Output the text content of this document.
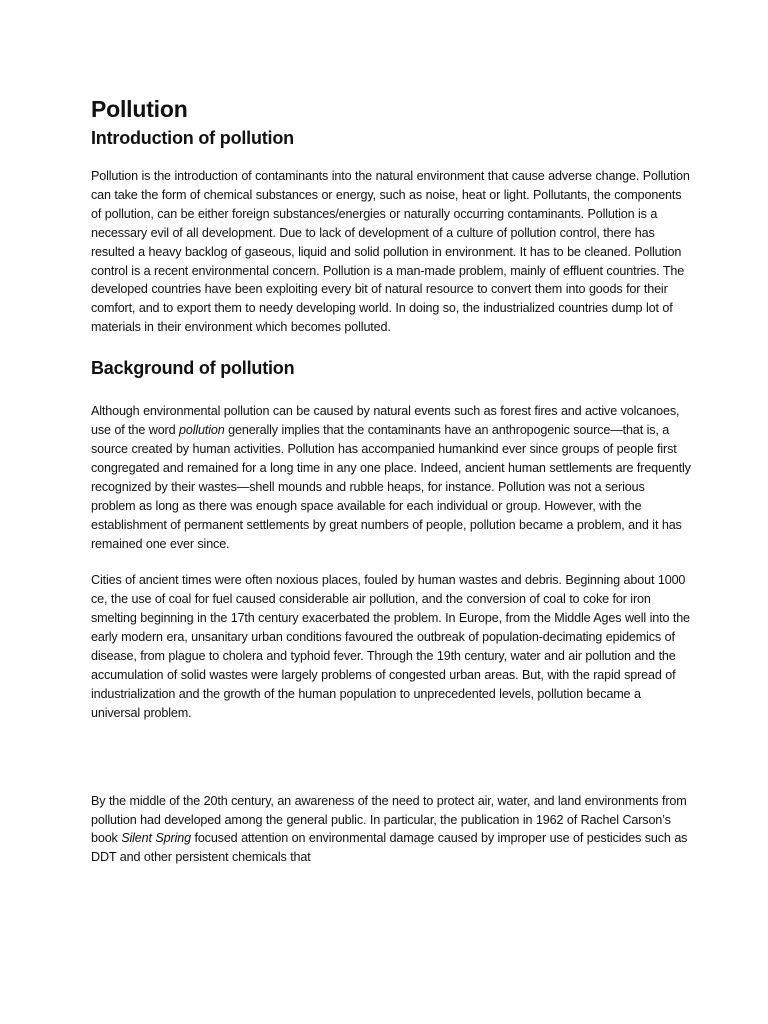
Pollution
Introduction of pollution

Pollution is the introduction of contaminants into the natural environment that cause adverse change. Pollution can take the form of chemical substances or energy, such as noise, heat or light. Pollutants, the components of pollution, can be either foreign substances/energies or naturally occurring contaminants. Pollution is a necessary evil of all development. Due to lack of development of a culture of pollution control, there has resulted a heavy backlog of gaseous, liquid and solid pollution in environment. It has to be cleaned. Pollution control is a recent environmental concern. Pollution is a man-made problem, mainly of effluent countries. The developed countries have been exploiting every bit of natural resource to convert them into goods for their comfort, and to export them to needy developing world. In doing so, the industrialized countries dump lot of materials in their environment which becomes polluted.

Background of pollution

Although environmental pollution can be caused by natural events such as forest fires and active volcanoes, use of the word pollution generally implies that the contaminants have an anthropogenic source—that is, a source created by human activities. Pollution has accompanied humankind ever since groups of people first congregated and remained for a long time in any one place. Indeed, ancient human settlements are frequently recognized by their wastes—shell mounds and rubble heaps, for instance. Pollution was not a serious problem as long as there was enough space available for each individual or group. However, with the establishment of permanent settlements by great numbers of people, pollution became a problem, and it has remained one ever since.

Cities of ancient times were often noxious places, fouled by human wastes and debris. Beginning about 1000 ce, the use of coal for fuel caused considerable air pollution, and the conversion of coal to coke for iron smelting beginning in the 17th century exacerbated the problem. In Europe, from the Middle Ages well into the early modern era, unsanitary urban conditions favoured the outbreak of population-decimating epidemics of disease, from plague to cholera and typhoid fever. Through the 19th century, water and air pollution and the accumulation of solid wastes were largely problems of congested urban areas. But, with the rapid spread of industrialization and the growth of the human population to unprecedented levels, pollution became a universal problem.

By the middle of the 20th century, an awareness of the need to protect air, water, and land environments from pollution had developed among the general public. In particular, the publication in 1962 of Rachel Carson’s book Silent Spring focused attention on environmental damage caused by improper use of pesticides such as DDT and other persistent chemicals that
